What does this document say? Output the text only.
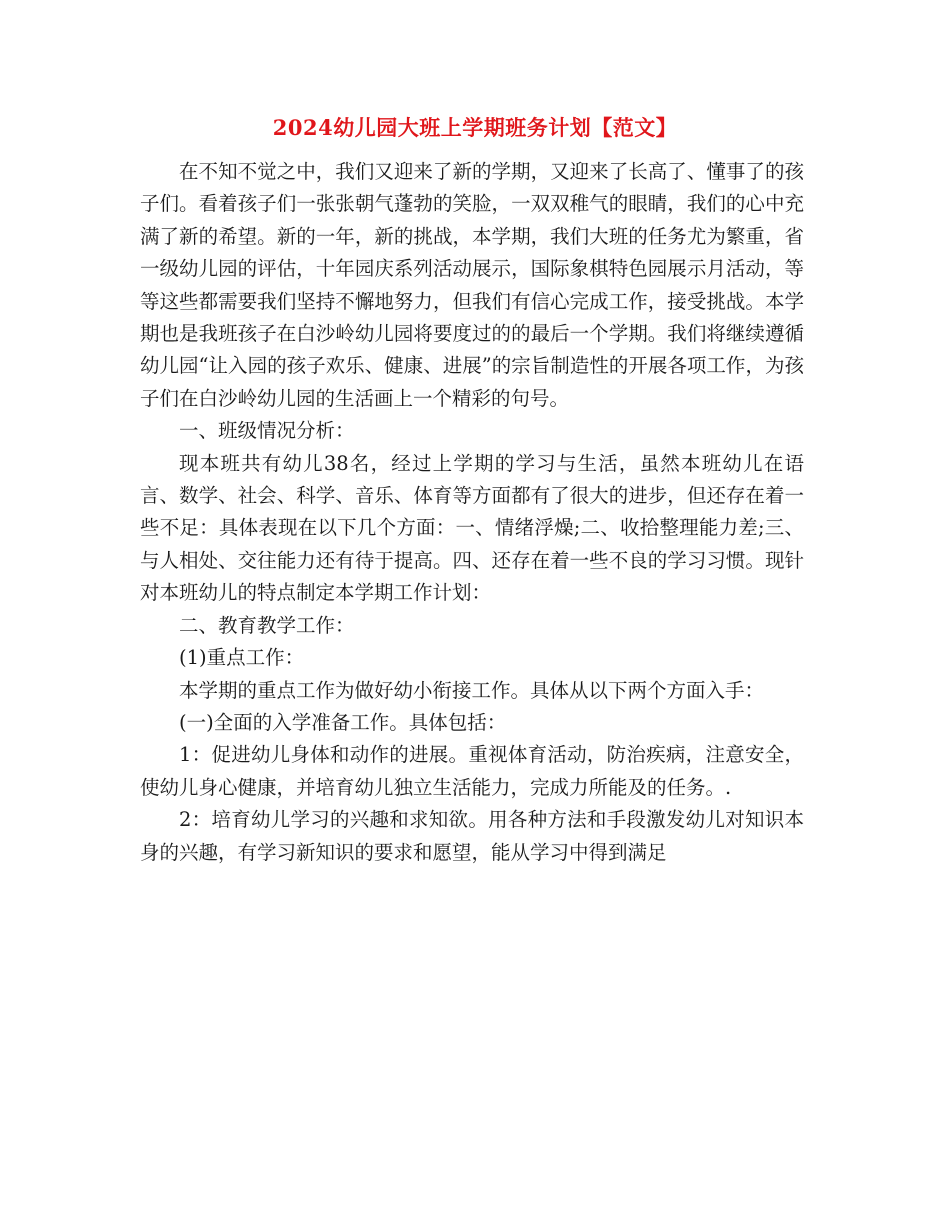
2024幼儿园大班上学期班务计划【范文】

在不知不觉之中，我们又迎来了新的学期，又迎来了长高了、懂事了的孩子们。看着孩子们一张张朝气蓬勃的笑脸，一双双稚气的眼睛，我们的心中充满了新的希望。新的一年，新的挑战，本学期，我们大班的任务尤为繁重，省一级幼儿园的评估，十年园庆系列活动展示，国际象棋特色园展示月活动，等等这些都需要我们坚持不懈地努力，但我们有信心完成工作，接受挑战。本学期也是我班孩子在白沙岭幼儿园将要度过的的最后一个学期。我们将继续遵循幼儿园“让入园的孩子欢乐、健康、进展”的宗旨制造性的开展各项工作，为孩子们在白沙岭幼儿园的生活画上一个精彩的句号。

一、班级情况分析：

现本班共有幼儿38名，经过上学期的学习与生活，虽然本班幼儿在语言、数学、社会、科学、音乐、体育等方面都有了很大的进步，但还存在着一些不足：具体表现在以下几个方面：一、情绪浮燥;二、收拾整理能力差;三、与人相处、交往能力还有待于提高。四、还存在着一些不良的学习习惯。现针对本班幼儿的特点制定本学期工作计划：

二、教育教学工作：

(1)重点工作：

本学期的重点工作为做好幼小衔接工作。具体从以下两个方面入手：

(一)全面的入学准备工作。具体包括：

1：促进幼儿身体和动作的进展。重视体育活动，防治疾病，注意安全，使幼儿身心健康，并培育幼儿独立生活能力，完成力所能及的任务。.

2：培育幼儿学习的兴趣和求知欲。用各种方法和手段激发幼儿对知识本身的兴趣，有学习新知识的要求和愿望，能从学习中得到满足
